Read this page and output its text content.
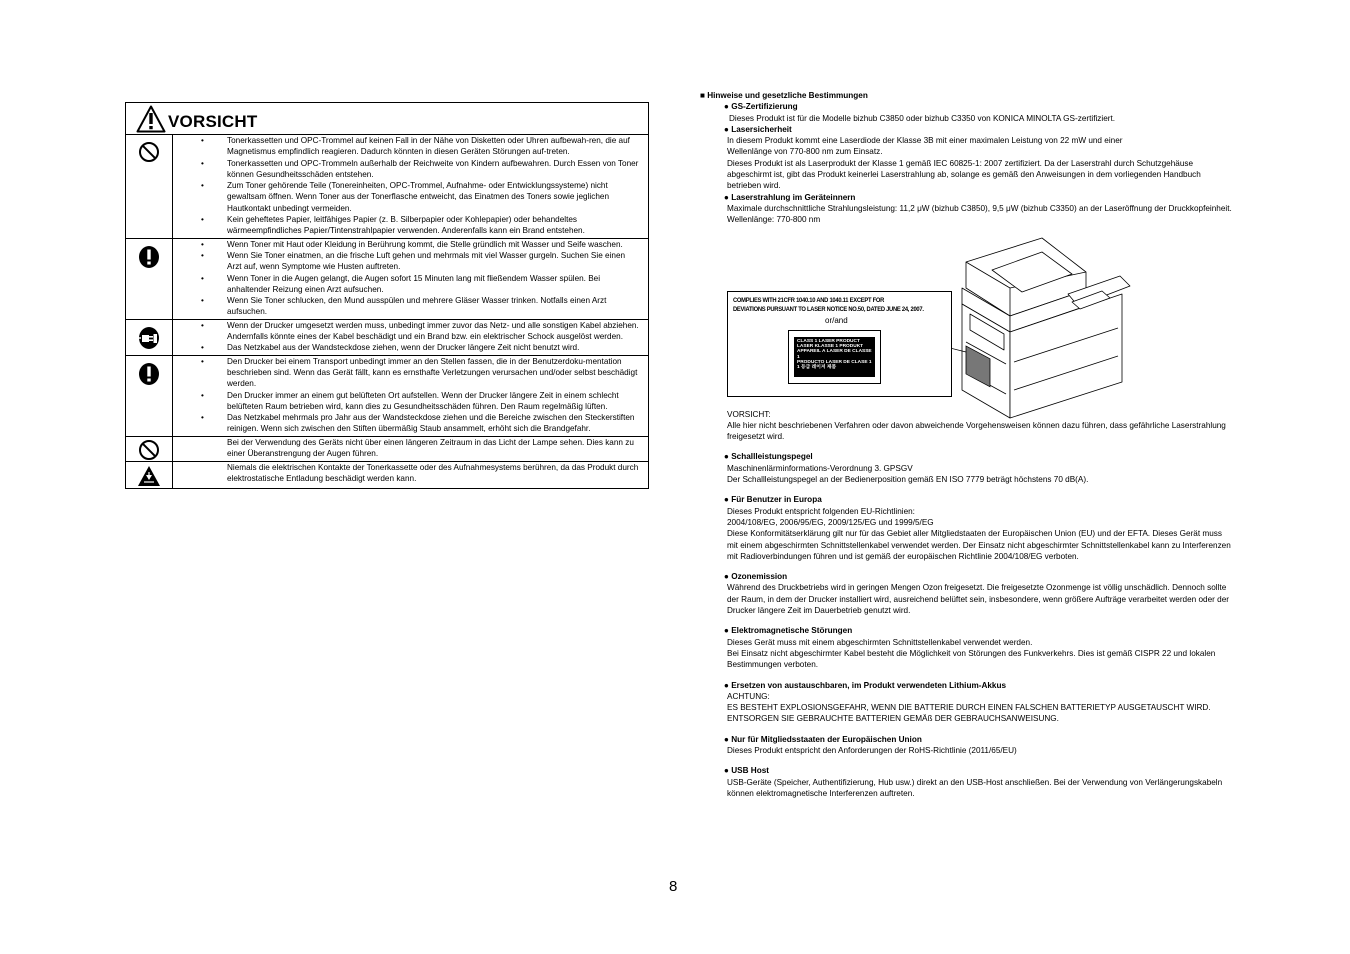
VORSICHT
• Tonerkassetten und OPC-Trommel auf keinen Fall in der Nähe von Disketten oder Uhren aufbewah-ren, die auf Magnetismus empfindlich reagieren. Dadurch könnten in diesen Geräten Störungen auf-treten.
• Tonerkassetten und OPC-Trommeln außerhalb der Reichweite von Kindern aufbewahren. Durch Essen von Toner können Gesundheitsschäden entstehen.
• Zum Toner gehörende Teile (Tonereinheiten, OPC-Trommel, Aufnahme- oder Entwicklungssysteme) nicht gewaltsam öffnen. Wenn Toner aus der Tonerflasche entweicht, das Einatmen des Toners sowie jeglichen Hautkontakt unbedingt vermeiden.
• Kein geheftetes Papier, leitfähiges Papier (z. B. Silberpapier oder Kohlepapier) oder behandeltes wärmeempfindliches Papier/Tintenstrahlpapier verwenden. Anderenfalls kann ein Brand entstehen.
• Wenn Toner mit Haut oder Kleidung in Berührung kommt, die Stelle gründlich mit Wasser und Seife waschen.
• Wenn Sie Toner einatmen, an die frische Luft gehen und mehrmals mit viel Wasser gurgeln. Suchen Sie einen Arzt auf, wenn Symptome wie Husten auftreten.
• Wenn Toner in die Augen gelangt, die Augen sofort 15 Minuten lang mit fließendem Wasser spülen. Bei anhaltender Reizung einen Arzt aufsuchen.
• Wenn Sie Toner schlucken, den Mund ausspülen und mehrere Gläser Wasser trinken. Notfalls einen Arzt aufsuchen.
• Wenn der Drucker umgesetzt werden muss, unbedingt immer zuvor das Netz- und alle sonstigen Kabel abziehen. Andernfalls könnte eines der Kabel beschädigt und ein Brand bzw. ein elektrischer Schock ausgelöst werden.
• Das Netzkabel aus der Wandsteckdose ziehen, wenn der Drucker längere Zeit nicht benutzt wird.
• Den Drucker bei einem Transport unbedingt immer an den Stellen fassen, die in der Benutzerdoku-mentation beschrieben sind. Wenn das Gerät fällt, kann es ernsthafte Verletzungen verursachen und/oder selbst beschädigt werden.
• Den Drucker immer an einem gut belüfteten Ort aufstellen. Wenn der Drucker längere Zeit in einem schlecht belüfteten Raum betrieben wird, kann dies zu Gesundheitsschäden führen. Den Raum regelmäßig lüften.
• Das Netzkabel mehrmals pro Jahr aus der Wandsteckdose ziehen und die Bereiche zwischen den Steckerstiften reinigen. Wenn sich zwischen den Stiften übermäßig Staub ansammelt, erhöht sich die Brandgefahr.

Bei der Verwendung des Geräts nicht über einen längeren Zeitraum in das Licht der Lampe sehen. Dies kann zu einer Überanstrengung der Augen führen.

Niemals die elektrischen Kontakte der Tonerkassette oder des Aufnahmesystems berühren, da das Produkt durch elektrostatische Entladung beschädigt werden kann.

■ Hinweise und gesetzliche Bestimmungen
● GS-Zertifizierung
Dieses Produkt ist für die Modelle bizhub C3850 oder bizhub C3350 von KONICA MINOLTA GS-zertifiziert.
● Lasersicherheit
In diesem Produkt kommt eine Laserdiode der Klasse 3B mit einer maximalen Leistung von 22 mW und einer
Wellenlänge von 770-800 nm zum Einsatz.
Dieses Produkt ist als Laserprodukt der Klasse 1 gemäß IEC 60825-1: 2007 zertifiziert. Da der Laserstrahl durch Schutzgehäuse abgeschirmt ist, gibt das Produkt keinerlei Laserstrahlung ab, solange es gemäß den Anweisungen in dem vorliegenden Handbuch betrieben wird.
● Laserstrahlung im Geräteinnern
Maximale durchschnittliche Strahlungsleistung: 11,2 μW (bizhub C3850), 9,5 μW (bizhub C3350) an der Laseröffnung der Druckkopfeinheit.
Wellenlänge: 770-800 nm
VORSICHT:
Alle hier nicht beschriebenen Verfahren oder davon abweichende Vorgehensweisen können dazu führen, dass gefährliche Laserstrahlung freigesetzt wird.
● Schallleistungspegel
Maschinenlärminformations-Verordnung 3. GPSGV
Der Schallleistungspegel an der Bedienerposition gemäß EN ISO 7779 beträgt höchstens 70 dB(A).
● Für Benutzer in Europa
Dieses Produkt entspricht folgenden EU-Richtlinien:
2004/108/EG, 2006/95/EG, 2009/125/EG und 1999/5/EG
Diese Konformitätserklärung gilt nur für das Gebiet aller Mitgliedstaaten der Europäischen Union (EU) und der EFTA. Dieses Gerät muss mit einem abgeschirmten Schnittstellenkabel verwendet werden. Der Einsatz nicht abgeschirmter Schnittstellenkabel kann zu Interferenzen mit Radioverbindungen führen und ist gemäß der europäischen Richtlinie 2004/108/EG verboten.
● Ozonemission
Während des Druckbetriebs wird in geringen Mengen Ozon freigesetzt. Die freigesetzte Ozonmenge ist völlig unschädlich. Dennoch sollte der Raum, in dem der Drucker installiert wird, ausreichend belüftet sein, insbesondere, wenn größere Aufträge verarbeitet werden oder der Drucker längere Zeit im Dauerbetrieb genutzt wird.
● Elektromagnetische Störungen
Dieses Gerät muss mit einem abgeschirmten Schnittstellenkabel verwendet werden.
Bei Einsatz nicht abgeschirmter Kabel besteht die Möglichkeit von Störungen des Funkverkehrs. Dies ist gemäß CISPR 22 und lokalen Bestimmungen verboten.
● Ersetzen von austauschbaren, im Produkt verwendeten Lithium-Akkus
ACHTUNG:
ES BESTEHT EXPLOSIONSGEFAHR, WENN DIE BATTERIE DURCH EINEN FALSCHEN BATTERIETYP AUSGETAUSCHT WIRD. ENTSORGEN SIE GEBRAUCHTE BATTERIEN GEMÄß DER GEBRAUCHSANWEISUNG.
● Nur für Mitgliedsstaaten der Europäischen Union
Dieses Produkt entspricht den Anforderungen der RoHS-Richtlinie (2011/65/EU)
● USB Host
USB-Geräte (Speicher, Authentifizierung, Hub usw.) direkt an den USB-Host anschließen. Bei der Verwendung von Verlängerungskabeln können elektromagnetische Interferenzen auftreten.
COMPLIES WITH 21CFR 1040.10 AND 1040.11 EXCEPT FOR
DEVIATIONS PURSUANT TO LASER NOTICE NO.50, DATED JUNE 24, 2007.
or/and
CLASS 1 LASER PRODUCT
LASER KLASSE 1 PRODUKT
APPAREIL A LASER DE CLASSE 1
PRODUCTO LASER DE CLASE 1
1 등급 레이저 제품
8
